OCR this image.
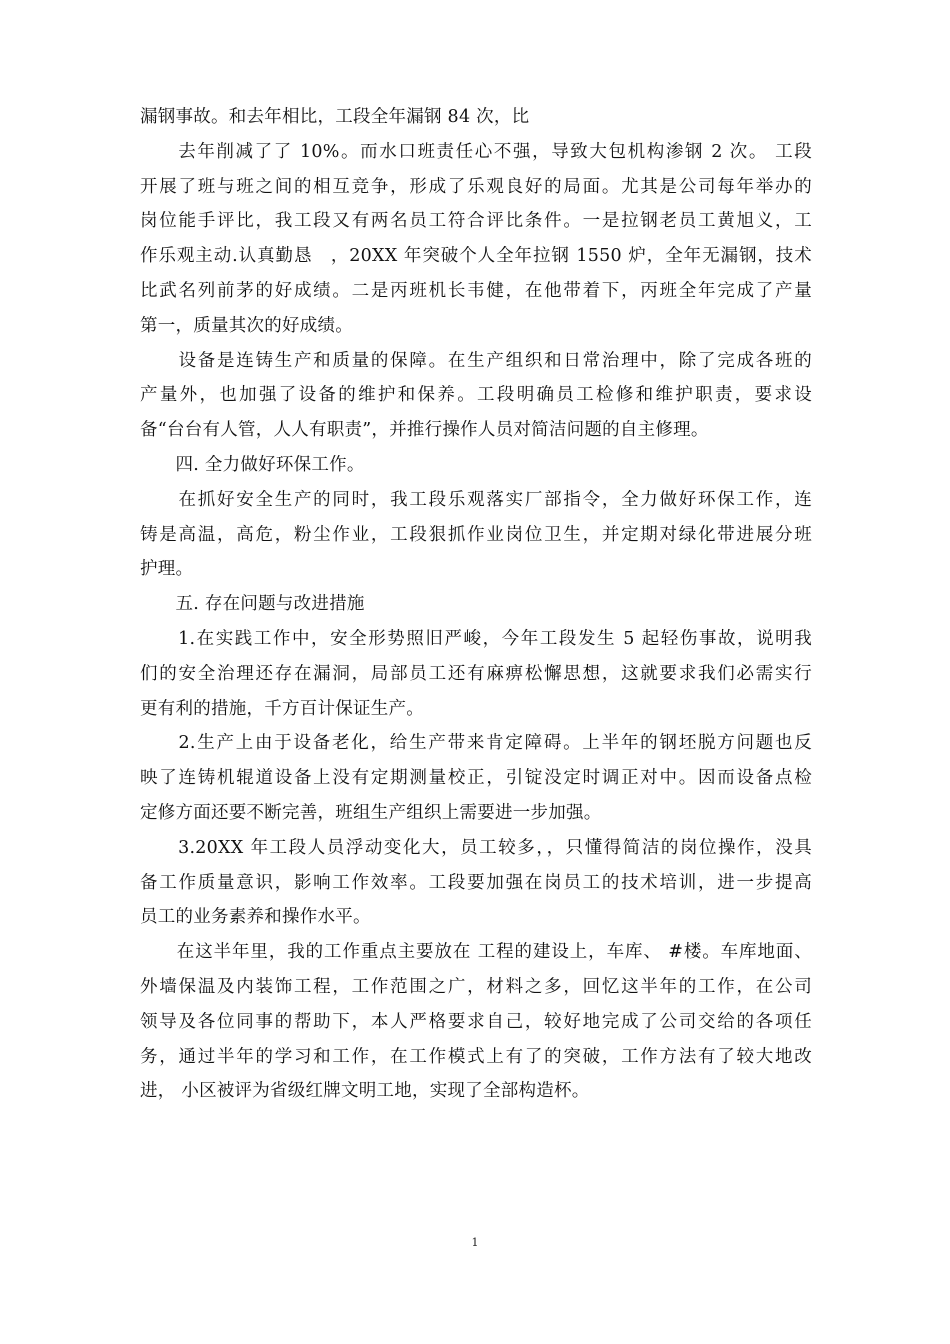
漏钢事故。和去年相比，工段全年漏钢 84 次，比
　　去年削减了了 10%。而水口班责任心不强，导致大包机构渗钢 2 次。 工段
开展了班与班之间的相互竞争，形成了乐观良好的局面。尤其是公司每年举办的
岗位能手评比，我工段又有两名员工符合评比条件。一是拉钢老员工黄旭义，工
作乐观主动.认真勤恳　，20XX 年突破个人全年拉钢 1550 炉，全年无漏钢，技术
比武名列前茅的好成绩。二是丙班机长韦健，在他带着下，丙班全年完成了产量
第一，质量其次的好成绩。
　　设备是连铸生产和质量的保障。在生产组织和日常治理中，除了完成各班的
产量外，也加强了设备的维护和保养。工段明确员工检修和维护职责，要求设
备“台台有人管，人人有职责”，并推行操作人员对简洁问题的自主修理。
　　四. 全力做好环保工作。
　　在抓好安全生产的同时，我工段乐观落实厂部指令，全力做好环保工作，连
铸是高温，高危，粉尘作业，工段狠抓作业岗位卫生，并定期对绿化带进展分班
护理。
　　五. 存在问题与改进措施
　　1.在实践工作中，安全形势照旧严峻，今年工段发生 5 起轻伤事故，说明我
们的安全治理还存在漏洞，局部员工还有麻痹松懈思想，这就要求我们必需实行
更有利的措施，千方百计保证生产。
　　2.生产上由于设备老化，给生产带来肯定障碍。上半年的钢坯脱方问题也反
映了连铸机辊道设备上没有定期测量校正，引锭没定时调正对中。因而设备点检
定修方面还要不断完善，班组生产组织上需要进一步加强。
　　3.20XX 年工段人员浮动变化大，员工较多，，只懂得简洁的岗位操作，没具
备工作质量意识，影响工作效率。工段要加强在岗员工的技术培训，进一步提高
员工的业务素养和操作水平。
　　在这半年里，我的工作重点主要放在 工程的建设上，车库、 #楼。车库地面、
外墙保温及内装饰工程，工作范围之广，材料之多，回忆这半年的工作，在公司
领导及各位同事的帮助下，本人严格要求自己，较好地完成了公司交给的各项任
务，通过半年的学习和工作，在工作模式上有了的突破，工作方法有了较大地改
进， 小区被评为省级红牌文明工地，实现了全部构造杯。
1
